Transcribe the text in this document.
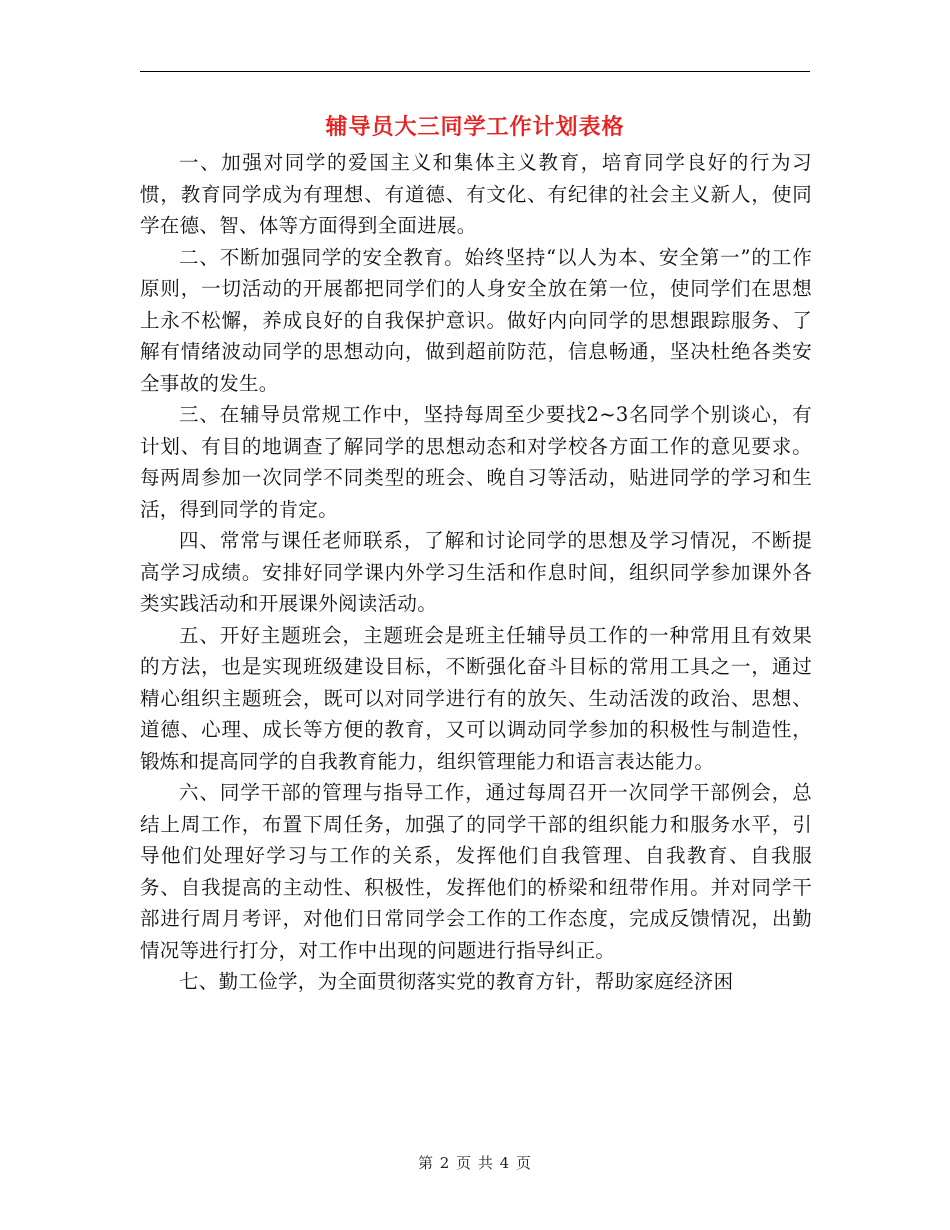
辅导员大三同学工作计划表格

一、加强对同学的爱国主义和集体主义教育，培育同学良好的行为习惯，教育同学成为有理想、有道德、有文化、有纪律的社会主义新人，使同学在德、智、体等方面得到全面进展。

二、不断加强同学的安全教育。始终坚持“以人为本、安全第一”的工作原则，一切活动的开展都把同学们的人身安全放在第一位，使同学们在思想上永不松懈，养成良好的自我保护意识。做好内向同学的思想跟踪服务、了解有情绪波动同学的思想动向，做到超前防范，信息畅通，坚决杜绝各类安全事故的发生。

三、在辅导员常规工作中，坚持每周至少要找2~3名同学个别谈心，有计划、有目的地调查了解同学的思想动态和对学校各方面工作的意见要求。每两周参加一次同学不同类型的班会、晚自习等活动，贴进同学的学习和生活，得到同学的肯定。

四、常常与课任老师联系，了解和讨论同学的思想及学习情况，不断提高学习成绩。安排好同学课内外学习生活和作息时间，组织同学参加课外各类实践活动和开展课外阅读活动。

五、开好主题班会，主题班会是班主任辅导员工作的一种常用且有效果的方法，也是实现班级建设目标，不断强化奋斗目标的常用工具之一，通过精心组织主题班会，既可以对同学进行有的放矢、生动活泼的政治、思想、道德、心理、成长等方便的教育，又可以调动同学参加的积极性与制造性，锻炼和提高同学的自我教育能力，组织管理能力和语言表达能力。

六、同学干部的管理与指导工作，通过每周召开一次同学干部例会，总结上周工作，布置下周任务，加强了的同学干部的组织能力和服务水平，引导他们处理好学习与工作的关系，发挥他们自我管理、自我教育、自我服务、自我提高的主动性、积极性，发挥他们的桥梁和纽带作用。并对同学干部进行周月考评，对他们日常同学会工作的工作态度，完成反馈情况，出勤情况等进行打分，对工作中出现的问题进行指导纠正。

七、勤工俭学，为全面贯彻落实党的教育方针，帮助家庭经济困

第 2 页 共 4 页
